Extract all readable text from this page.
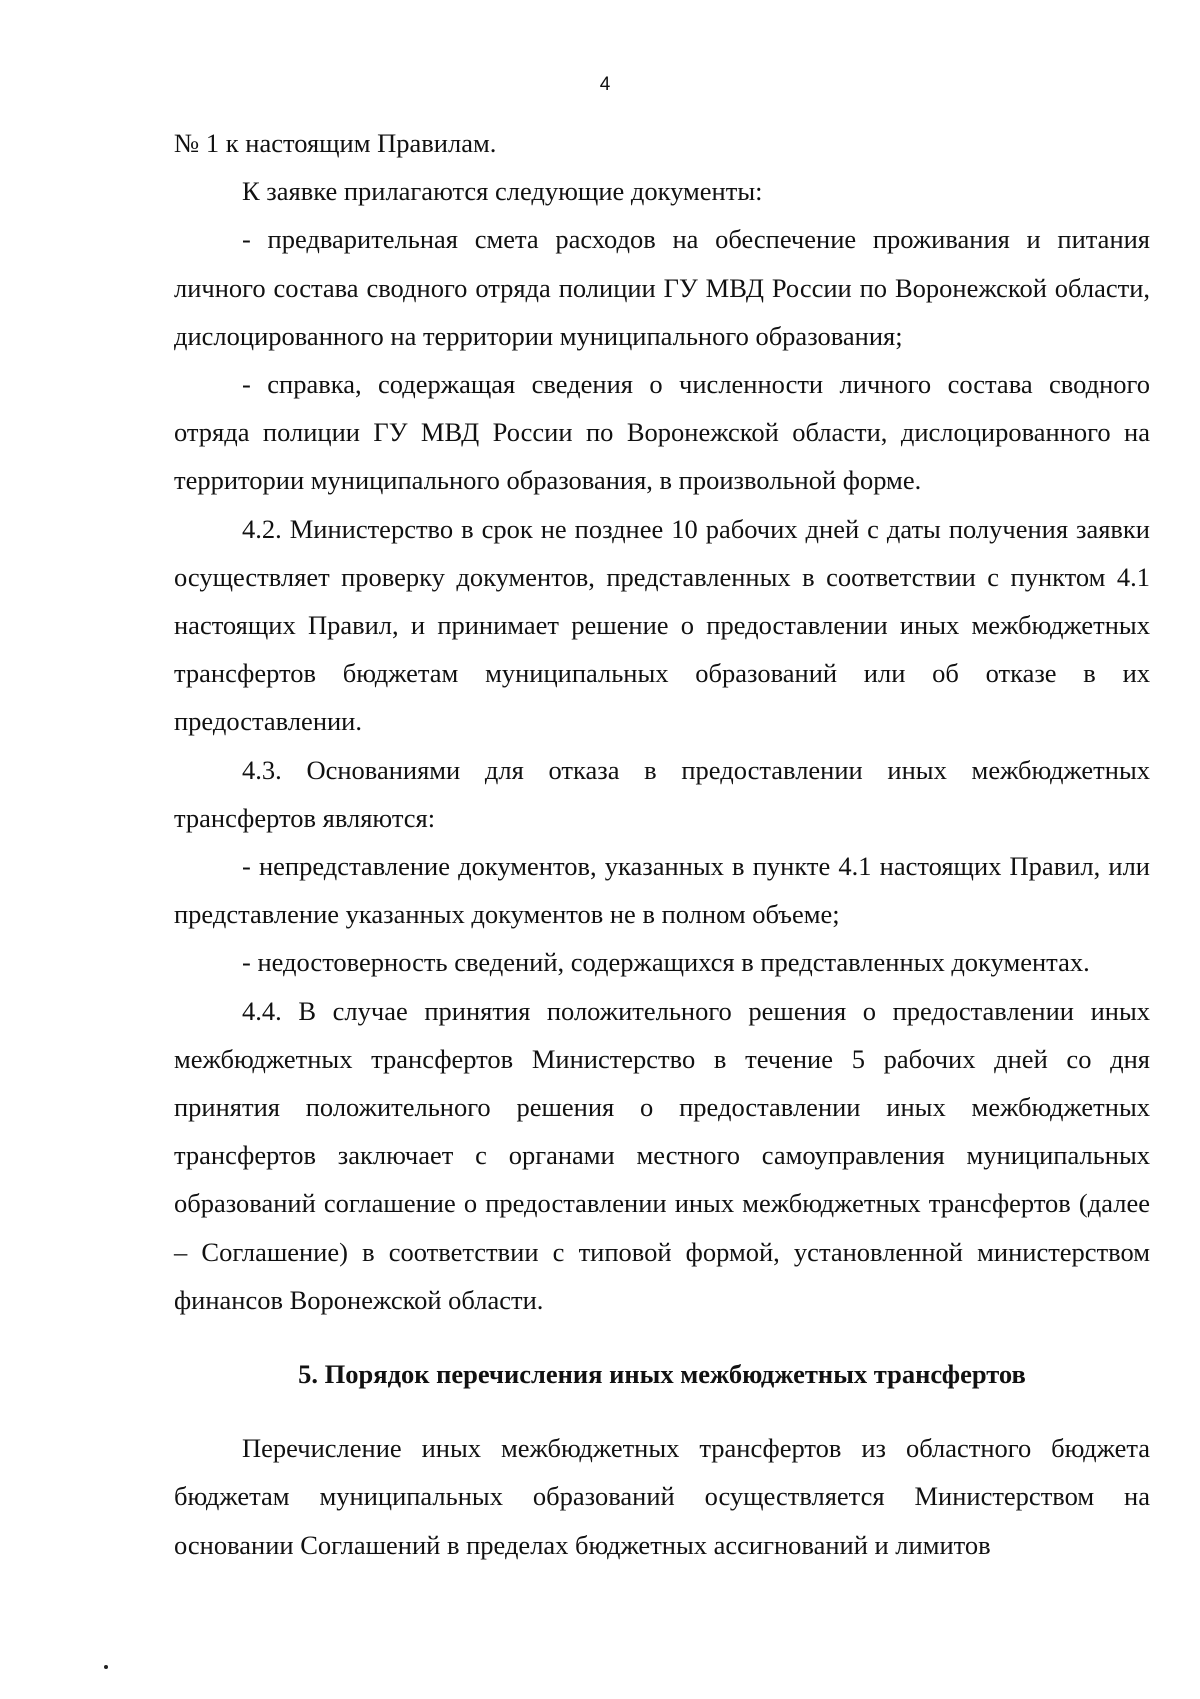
4

№ 1 к настоящим Правилам.

К заявке прилагаются следующие документы:

- предварительная смета расходов на обеспечение проживания и питания личного состава сводного отряда полиции ГУ МВД России по Воронежской области, дислоцированного на территории муниципального образования;

- справка, содержащая сведения о численности личного состава сводного отряда полиции ГУ МВД России по Воронежской области, дислоцированного на территории муниципального образования, в произвольной форме.

4.2. Министерство в срок не позднее 10 рабочих дней с даты получения заявки осуществляет проверку документов, представленных в соответствии с пунктом 4.1 настоящих Правил, и принимает решение о предоставлении иных межбюджетных трансфертов бюджетам муниципальных образований или об отказе в их предоставлении.

4.3. Основаниями для отказа в предоставлении иных межбюджетных трансфертов являются:

- непредставление документов, указанных в пункте 4.1 настоящих Правил, или представление указанных документов не в полном объеме;

- недостоверность сведений, содержащихся в представленных документах.

4.4. В случае принятия положительного решения о предоставлении иных межбюджетных трансфертов Министерство в течение 5 рабочих дней со дня принятия положительного решения о предоставлении иных межбюджетных трансфертов заключает с органами местного самоуправления муниципальных образований соглашение о предоставлении иных межбюджетных трансфертов (далее – Соглашение) в соответствии с типовой формой, установленной министерством финансов Воронежской области.

5. Порядок перечисления иных межбюджетных трансфертов

Перечисление иных межбюджетных трансфертов из областного бюджета бюджетам муниципальных образований осуществляется Министерством на основании Соглашений в пределах бюджетных ассигнований и лимитов
